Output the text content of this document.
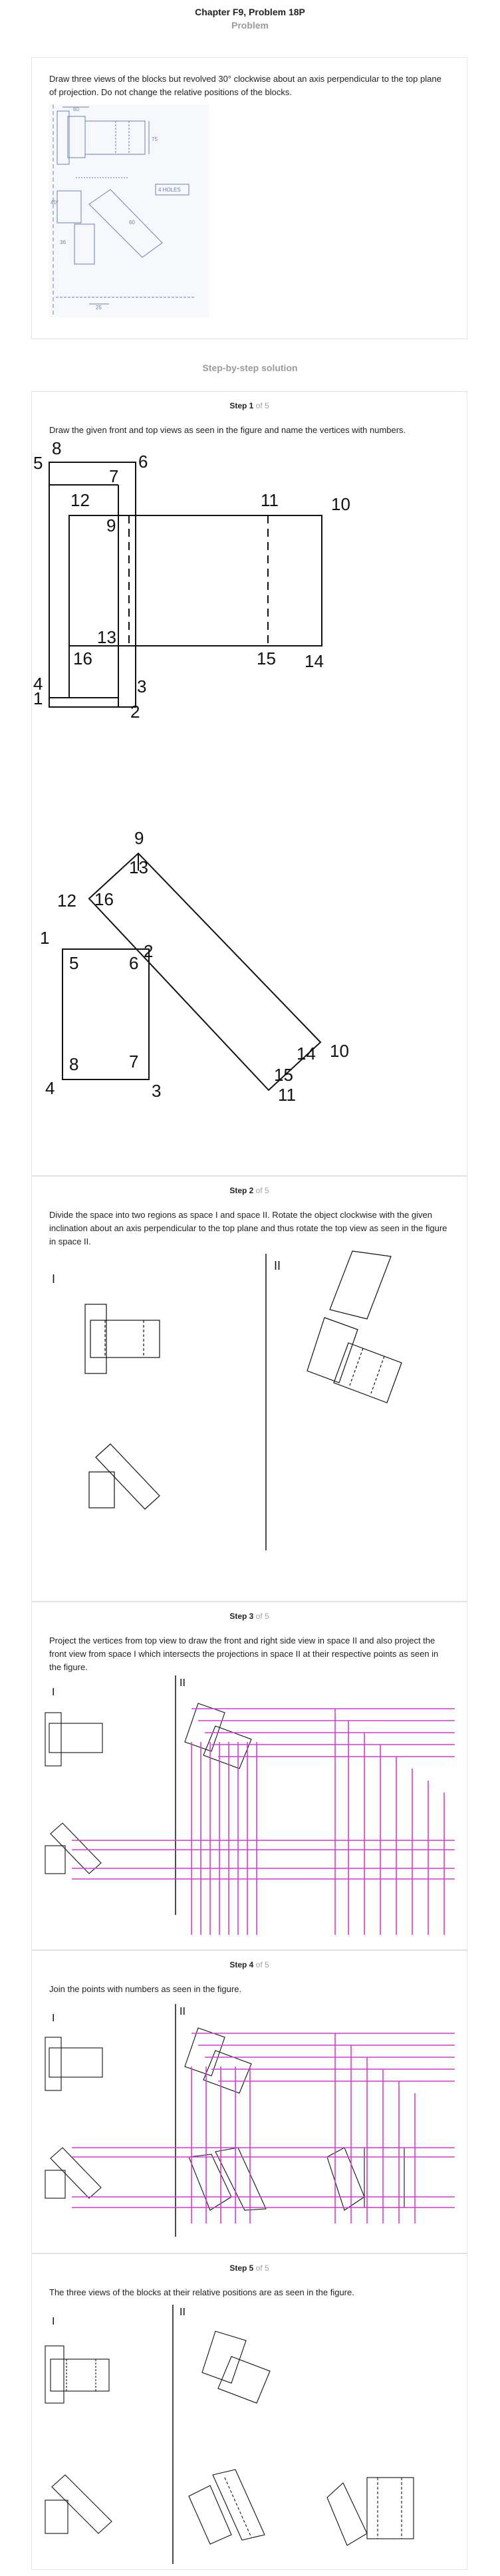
Chapter F9, Problem 18P
Problem

Draw three views of the blocks but revolved 30° clockwise about an axis perpendicular to the top plane of projection. Do not change the relative positions of the blocks.

60
75
40°
36
60
25
4 HOLES
Step-by-step solution
Step 1 of 5

Draw the given front and top views as seen in the figure and name the vertices with numbers.

8
5	6
7
12
9
11	10
13
16	15 14
4
1
3
2
9
13
12 16
2
1
5	6
8	7
4	3
14 10
15
11
Step 2 of 5

Divide the space into two regions as space I and space II. Rotate the object clockwise with the given inclination about an axis perpendicular to the top plane and thus rotate the top view as seen in the figure in space II.

I
II
Step 3 of 5

Project the vertices from top view to draw the front and right side view in space II and also project the front view from space I which intersects the projections in space II at their respective points as seen in the figure.

I
II
Step 4 of 5

Join the points with numbers as seen in the figure.

I
II
Step 5 of 5

The three views of the blocks at their relative positions are as seen in the figure.

I
II
